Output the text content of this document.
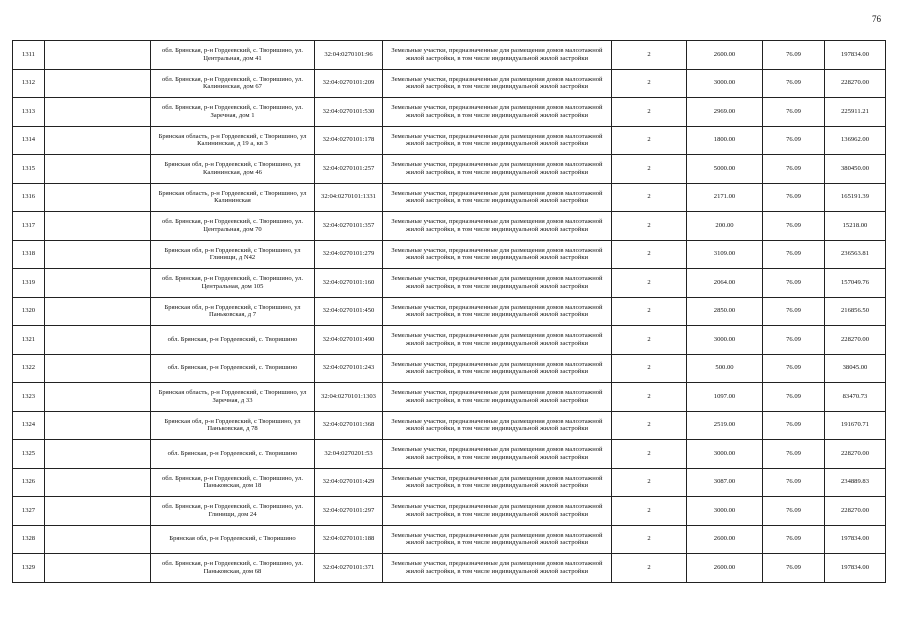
76
1311		обл. Брянская, р-н Гордеевский, с. Творишино, ул. Центральная, дом 41	32:04:0270101:96	Земельные участки, предназначенные для размещения домов малоэтажной жилой застройки, в том числе индивидуальной жилой застройки	2	2600.00	76.09	197834.00
1312		обл. Брянская, р-н Гордеевский, с. Творишино, ул. Калининская, дом 67	32:04:0270101:209	Земельные участки, предназначенные для размещения домов малоэтажной жилой застройки, в том числе индивидуальной жилой застройки	2	3000.00	76.09	228270.00
1313		обл. Брянская, р-н Гордеевский, с. Творишино, ул. Заречная, дом 1	32:04:0270101:530	Земельные участки, предназначенные для размещения домов малоэтажной жилой застройки, в том числе индивидуальной жилой застройки	2	2969.00	76.09	225911.21
1314		Брянская область, р-н Гордеевский, с Творишино, ул Калининская, д 19 а, кв 3	32:04:0270101:178	Земельные участки, предназначенные для размещения домов малоэтажной жилой застройки, в том числе индивидуальной жилой застройки	2	1800.00	76.09	136962.00
1315		Брянская обл, р-н Гордеевский, с Творишино, ул Калининская, дом 46	32:04:0270101:257	Земельные участки, предназначенные для размещения домов малоэтажной жилой застройки, в том числе индивидуальной жилой застройки	2	5000.00	76.09	380450.00
1316		Брянская область, р-н Гордеевский, с Творишино, ул Калининская	32:04:0270101:1331	Земельные участки, предназначенные для размещения домов малоэтажной жилой застройки, в том числе индивидуальной жилой застройки	2	2171.00	76.09	165191.39
1317		обл. Брянская, р-н Гордеевский, с. Творишино, ул. Центральная, дом 70	32:04:0270101:357	Земельные участки, предназначенные для размещения домов малоэтажной жилой застройки, в том числе индивидуальной жилой застройки	2	200.00	76.09	15218.00
1318		Брянская обл, р-н Гордеевский, с Творишино, ул Глинищи, д N42	32:04:0270101:279	Земельные участки, предназначенные для размещения домов малоэтажной жилой застройки, в том числе индивидуальной жилой застройки	2	3109.00	76.09	236563.81
1319		обл. Брянская, р-н Гордеевский, с. Творишино, ул. Центральная, дом 105	32:04:0270101:160	Земельные участки, предназначенные для размещения домов малоэтажной жилой застройки, в том числе индивидуальной жилой застройки	2	2064.00	76.09	157049.76
1320		Брянская обл, р-н Гордеевский, с Творишино, ул Паньковская, д 7	32:04:0270101:450	Земельные участки, предназначенные для размещения домов малоэтажной жилой застройки, в том числе индивидуальной жилой застройки	2	2850.00	76.09	216856.50
1321		обл. Брянская, р-н Гордеевский, с. Творишино	32:04:0270101:490	Земельные участки, предназначенные для размещения домов малоэтажной жилой застройки, в том числе индивидуальной жилой застройки	2	3000.00	76.09	228270.00
1322		обл. Брянская, р-н Гордеевский, с. Творишино	32:04:0270101:243	Земельные участки, предназначенные для размещения домов малоэтажной жилой застройки, в том числе индивидуальной жилой застройки	2	500.00	76.09	38045.00
1323		Брянская область, р-н Гордеевский, с Творишино, ул Заречная, д 33	32:04:0270101:1303	Земельные участки, предназначенные для размещения домов малоэтажной жилой застройки, в том числе индивидуальной жилой застройки	2	1097.00	76.09	83470.73
1324		Брянская обл, р-н Гордеевский, с Творишино, ул Паньковская, д 78	32:04:0270101:368	Земельные участки, предназначенные для размещения домов малоэтажной жилой застройки, в том числе индивидуальной жилой застройки	2	2519.00	76.09	191670.71
1325		обл. Брянская, р-н Гордеевский, с. Творишино	32:04:0270201:53	Земельные участки, предназначенные для размещения домов малоэтажной жилой застройки, в том числе индивидуальной жилой застройки	2	3000.00	76.09	228270.00
1326		обл. Брянская, р-н Гордеевский, с. Творишино, ул. Паньковская, дом 18	32:04:0270101:429	Земельные участки, предназначенные для размещения домов малоэтажной жилой застройки, в том числе индивидуальной жилой застройки	2	3087.00	76.09	234889.83
1327		обл. Брянская, р-н Гордеевский, с. Творишино, ул. Глинищи, дом 24	32:04:0270101:297	Земельные участки, предназначенные для размещения домов малоэтажной жилой застройки, в том числе индивидуальной жилой застройки	2	3000.00	76.09	228270.00
1328		Брянская обл, р-н Гордеевский, с Творишино	32:04:0270101:188	Земельные участки, предназначенные для размещения домов малоэтажной жилой застройки, в том числе индивидуальной жилой застройки	2	2600.00	76.09	197834.00
1329		обл. Брянская, р-н Гордеевский, с. Творишино, ул. Паньковская, дом 68	32:04:0270101:371	Земельные участки, предназначенные для размещения домов малоэтажной жилой застройки, в том числе индивидуальной жилой застройки	2	2600.00	76.09	197834.00
